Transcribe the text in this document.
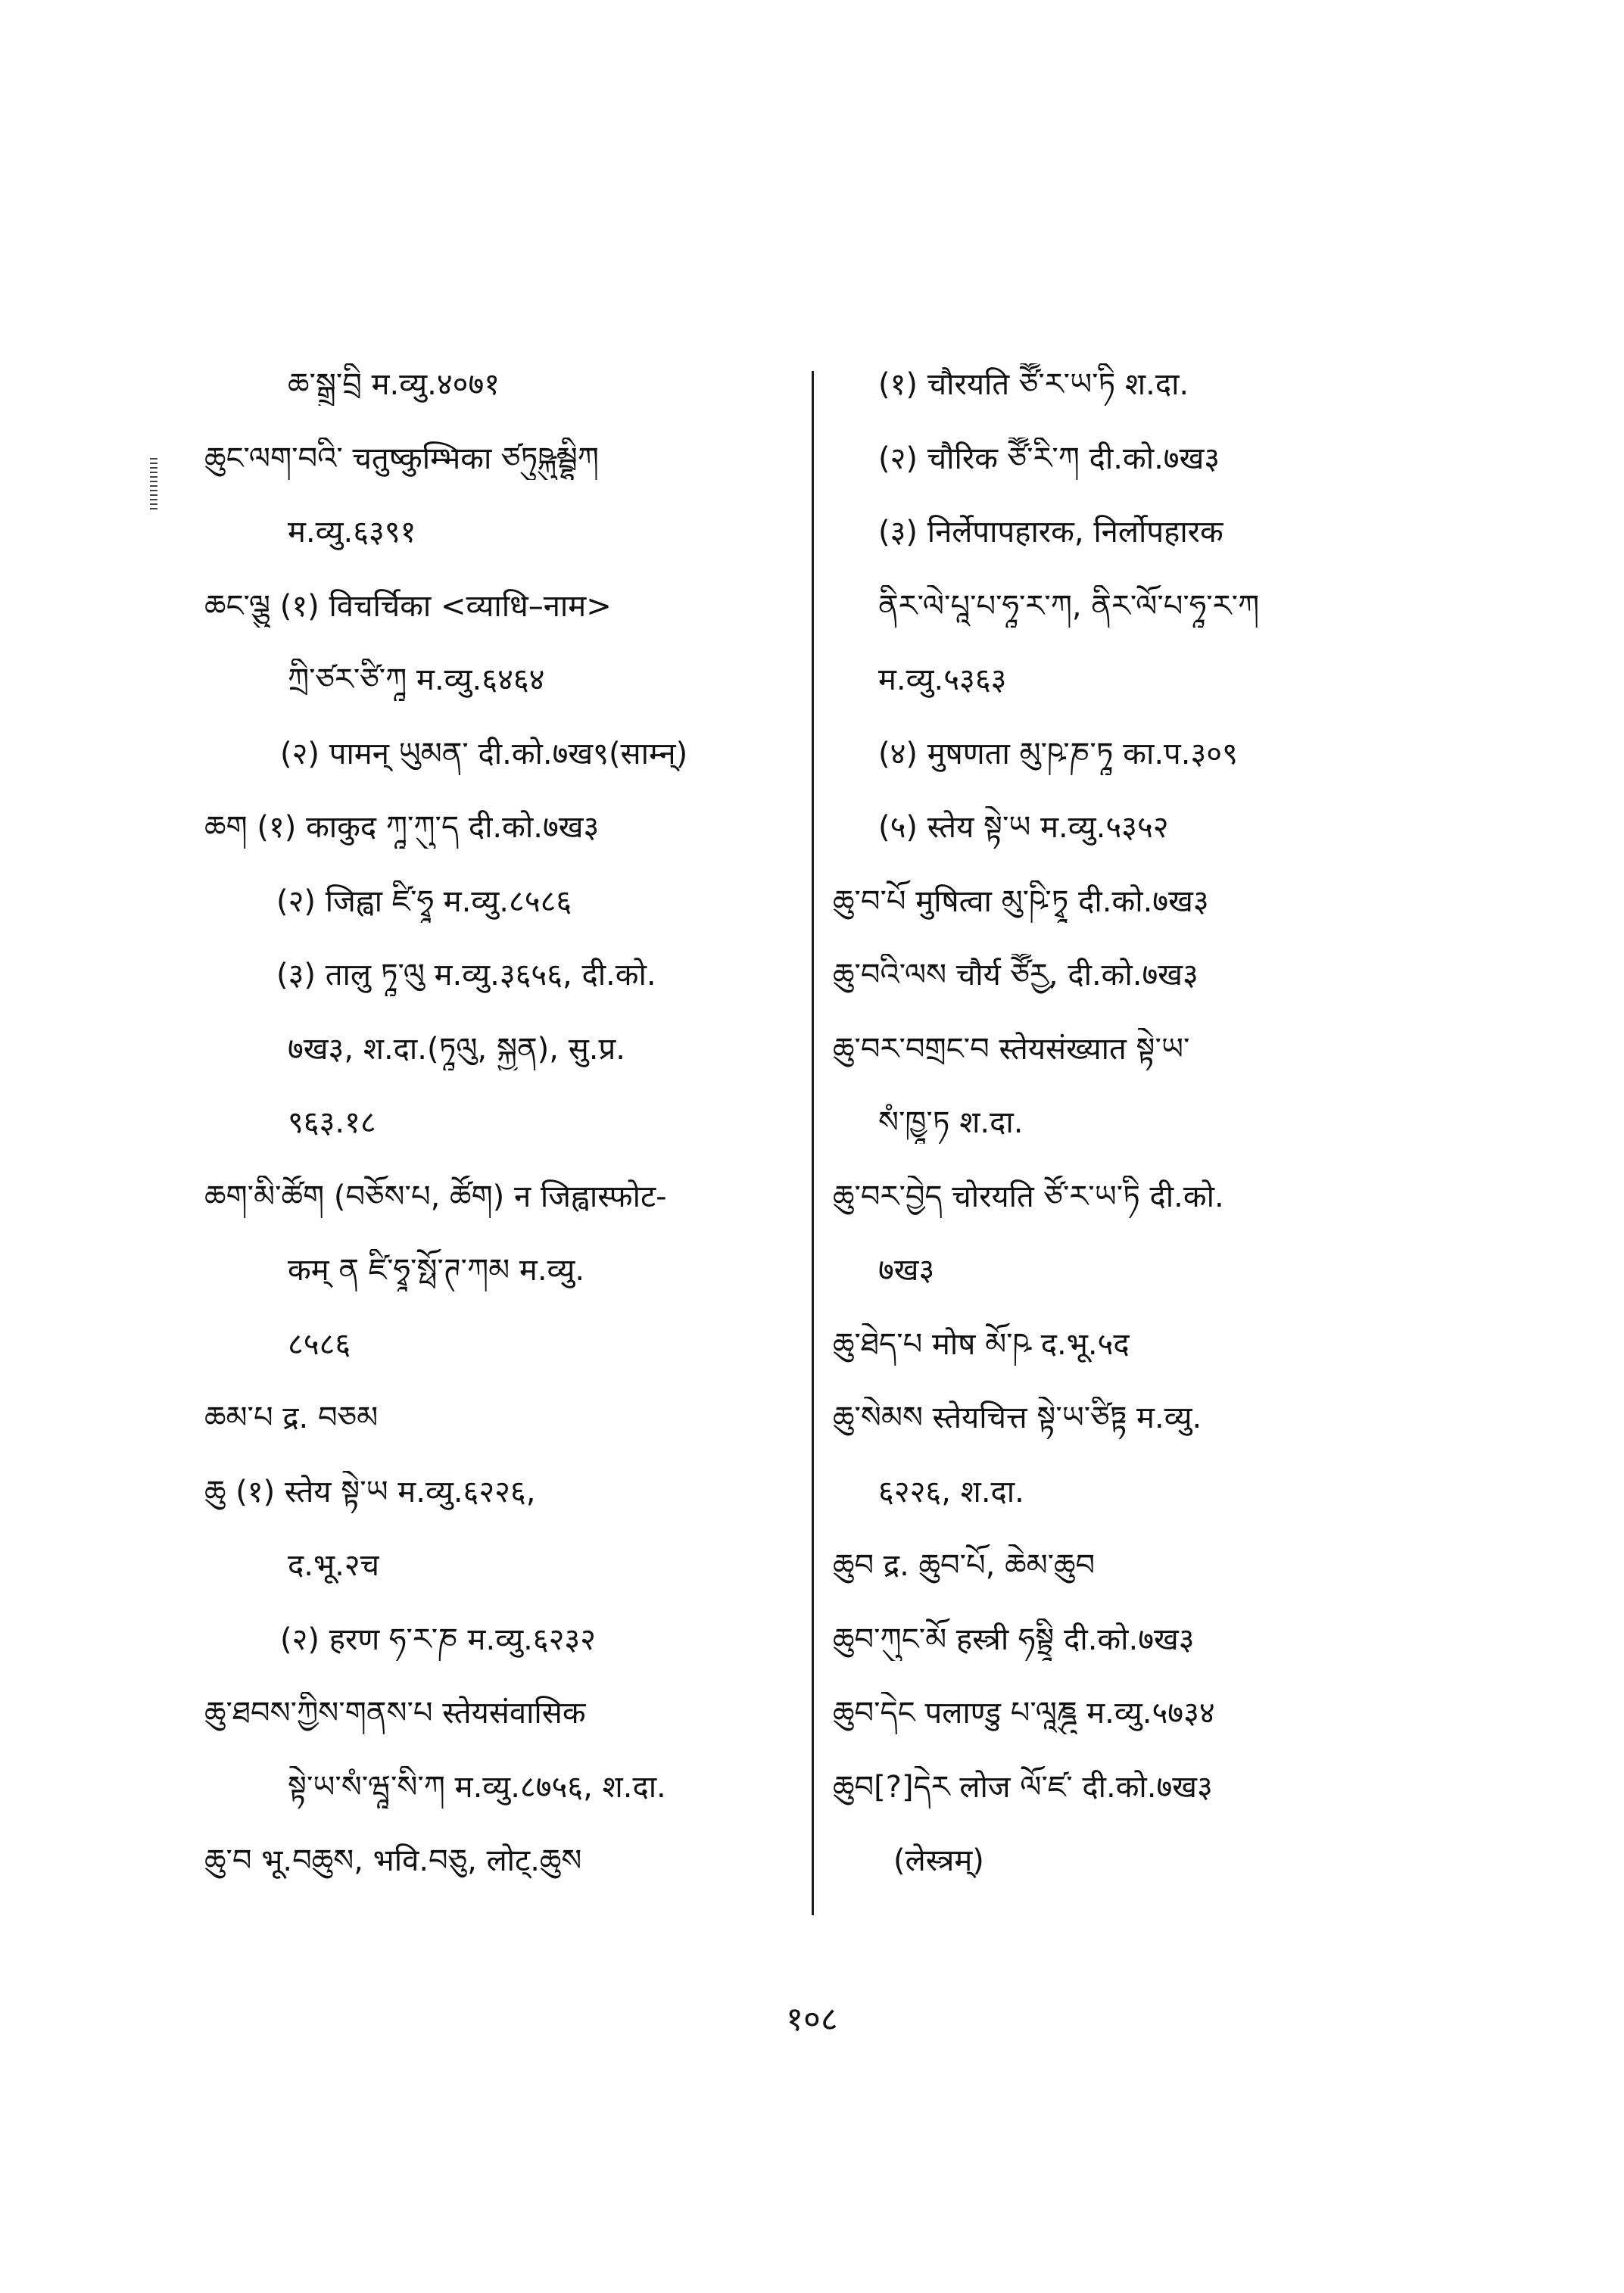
ཆ་སྒྲུ་བྲི म.व्यु.४०७१
ཆུང་ལག་བའི་ चतुष्कुम्भिका ཙཏུཥྐུམྦྷིཀ
म.व्यु.६३९१
ཆང་ལྕུ (१) विचर्चिका <व्याधि–नाम>
ཀྲི་ཙར་ཙི་ཀཱ म.व्यु.६४६४
(२) पामन् ཡུམན་ दी.को.७ख९(साम्न्)
ཆག (१) काकुद ཀཱ་ཀུ་ད दी.को.७ख३
(२) जिह्वा ཛི་ཧྭཱ म.व्यु.८५८६
(३) तालु ཏཱ་ལུ म.व्यु.३६५६, दी.को.
७ख३, श.दा.(ཏཱལུ, སྐྱན), सु.प्र.
९६३.१८
ཆག་མི་ཚོག (བཅོས་པ, ཚོག) न जिह्वास्फोट-
कम् ན ཛི་ཧྭཱ་སྥོ་ཊ་ཀམ म.व्यु.
८५८६
ཆམ་པ द्र. བཅམ
ཆུ (१) स्तेय སྟེ་ཡ म.व्यु.६२२६,
द.भू.२च
(२) हरण ཧ་ར་ཎ म.व्यु.६२३२
ཆུ་ཐབས་ཀྱིས་གནས་པ स्तेयसंवासिक
སྟེ་ཡ་སཾ་ཝཱ་སི་ཀ म.व्यु.८७५६, श.दा.
ཆུ་བ भू.བཆུས, भवि.བཅུ, लोट्.ཆུས
(१) चौरयति ཙཽ་ར་ཡ་ཏི श.दा.
(२) चौरिक ཙཽ་རི་ཀ दी.को.७ख३
(३) निर्लेपापहारक, निर्लोपहारक
ནིར་ལེ་པཱ་པ་ཧཱ་ར་ཀ, ནིར་ལོ་པ་ཧཱ་ར་ཀ
म.व्यु.५३६३
(४) मुषणता མུ་ཥ་ཎ་ཏཱ का.प.३०९
(५) स्तेय སྟེ་ཡ म.व्यु.५३५२
ཆུ་བ་པོ मुषित्वा མུ་ཥི་ཏྭཱ दी.को.७ख३
ཆུ་བའི་ལས चौर्य ཙཽརྱ, दी.को.७ख३
ཆུ་བར་བགྲང་བ स्तेयसंख्यात སྟེ་ཡ་
སཾ་ཁྱཱ་ཏ श.दा.
ཆུ་བར་བྱེད चोरयति ཙོ་ར་ཡ་ཏི दी.को.
७ख३
ཆུ་ཐེད་པ मोष མོ་ཥ द.भू.५द
ཆུ་སེམས स्तेयचित्त སྟེ་ཡ་ཙིཏྟ म.व्यु.
६२२६, श.दा.
ཆུབ द्र. ཆུབ་པོ, ཆེམ་ཆུབ
ཆུབ་ཀུང་མོ हस्त्री ཧསྟྲཱི दी.को.७ख३
ཆུབ་དེང पलाण्डु པ་ལཱཎྜུ म.व्यु.५७३४
ཆུབ[?]དེར लोज ལོ་ཛ་ दी.को.७ख३
(लेस्त्रम्)
१०८
